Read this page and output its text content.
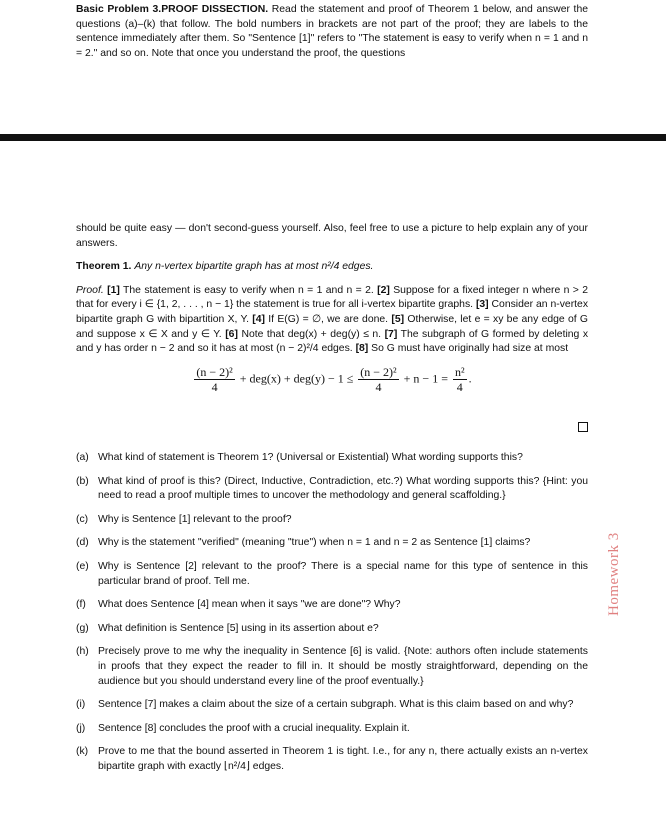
Basic Problem 3.PROOF DISSECTION. Read the statement and proof of Theorem 1 below, and answer the questions (a)–(k) that follow. The bold numbers in brackets are not part of the proof; they are labels to the sentence immediately after them. So "Sentence [1]" refers to "The statement is easy to verify when n = 1 and n = 2." and so on. Note that once you understand the proof, the questions

should be quite easy — don't second-guess yourself. Also, feel free to use a picture to help explain any of your answers.

Theorem 1. Any n-vertex bipartite graph has at most n²/4 edges.

Proof. [1] The statement is easy to verify when n = 1 and n = 2. [2] Suppose for a fixed integer n where n > 2 that for every i ∈ {1, 2, . . . , n − 1} the statement is true for all i-vertex bipartite graphs. [3] Consider an n-vertex bipartite graph G with bipartition X, Y. [4] If E(G) = ∅, we are done. [5] Otherwise, let e = xy be any edge of G and suppose x ∈ X and y ∈ Y. [6] Note that deg(x) + deg(y) ≤ n. [7] The subgraph of G formed by deleting x and y has order n − 2 and so it has at most (n − 2)²/4 edges. [8] So G must have originally had size at most

$\frac{\text{(n − 2)²}}{4} + deg(x) + deg(y) - 1 \le \frac{\text{(n − 2)²}}{4} + n - 1 = \frac{\text{n²}}{4}$ .
(a) What kind of statement is Theorem 1? (Universal or Existential) What wording supports this?
(b) What kind of proof is this? (Direct, Inductive, Contradiction, etc.?) What wording supports this? {Hint: you need to read a proof multiple times to uncover the methodology and general scaffolding.}
(c) Why is Sentence [1] relevant to the proof?
(d) Why is the statement "verified" (meaning "true") when n = 1 and n = 2 as Sentence [1] claims?
(e) Why is Sentence [2] relevant to the proof? There is a special name for this type of sentence in this particular brand of proof. Tell me.
(f)	What does Sentence [4] mean when it says "we are done"? Why?
(g) What definition is Sentence [5] using in its assertion about e?
(h) Precisely prove to me why the inequality in Sentence [6] is valid. {Note: authors often include statements in proofs that they expect the reader to fill in. It should be mostly straightforward, depending on the audience but you should understand every line of the proof eventually.}
(i)	Sentence [7] makes a claim about the size of a certain subgraph. What is this claim based on and why?
(j)	Sentence [8] concludes the proof with a crucial inequality. Explain it.
(k) Prove to me that the bound asserted in Theorem 1 is tight. I.e., for any n, there actually exists an n-vertex bipartite graph with exactly ⌊n²/4⌋ edges.
Homework 3
